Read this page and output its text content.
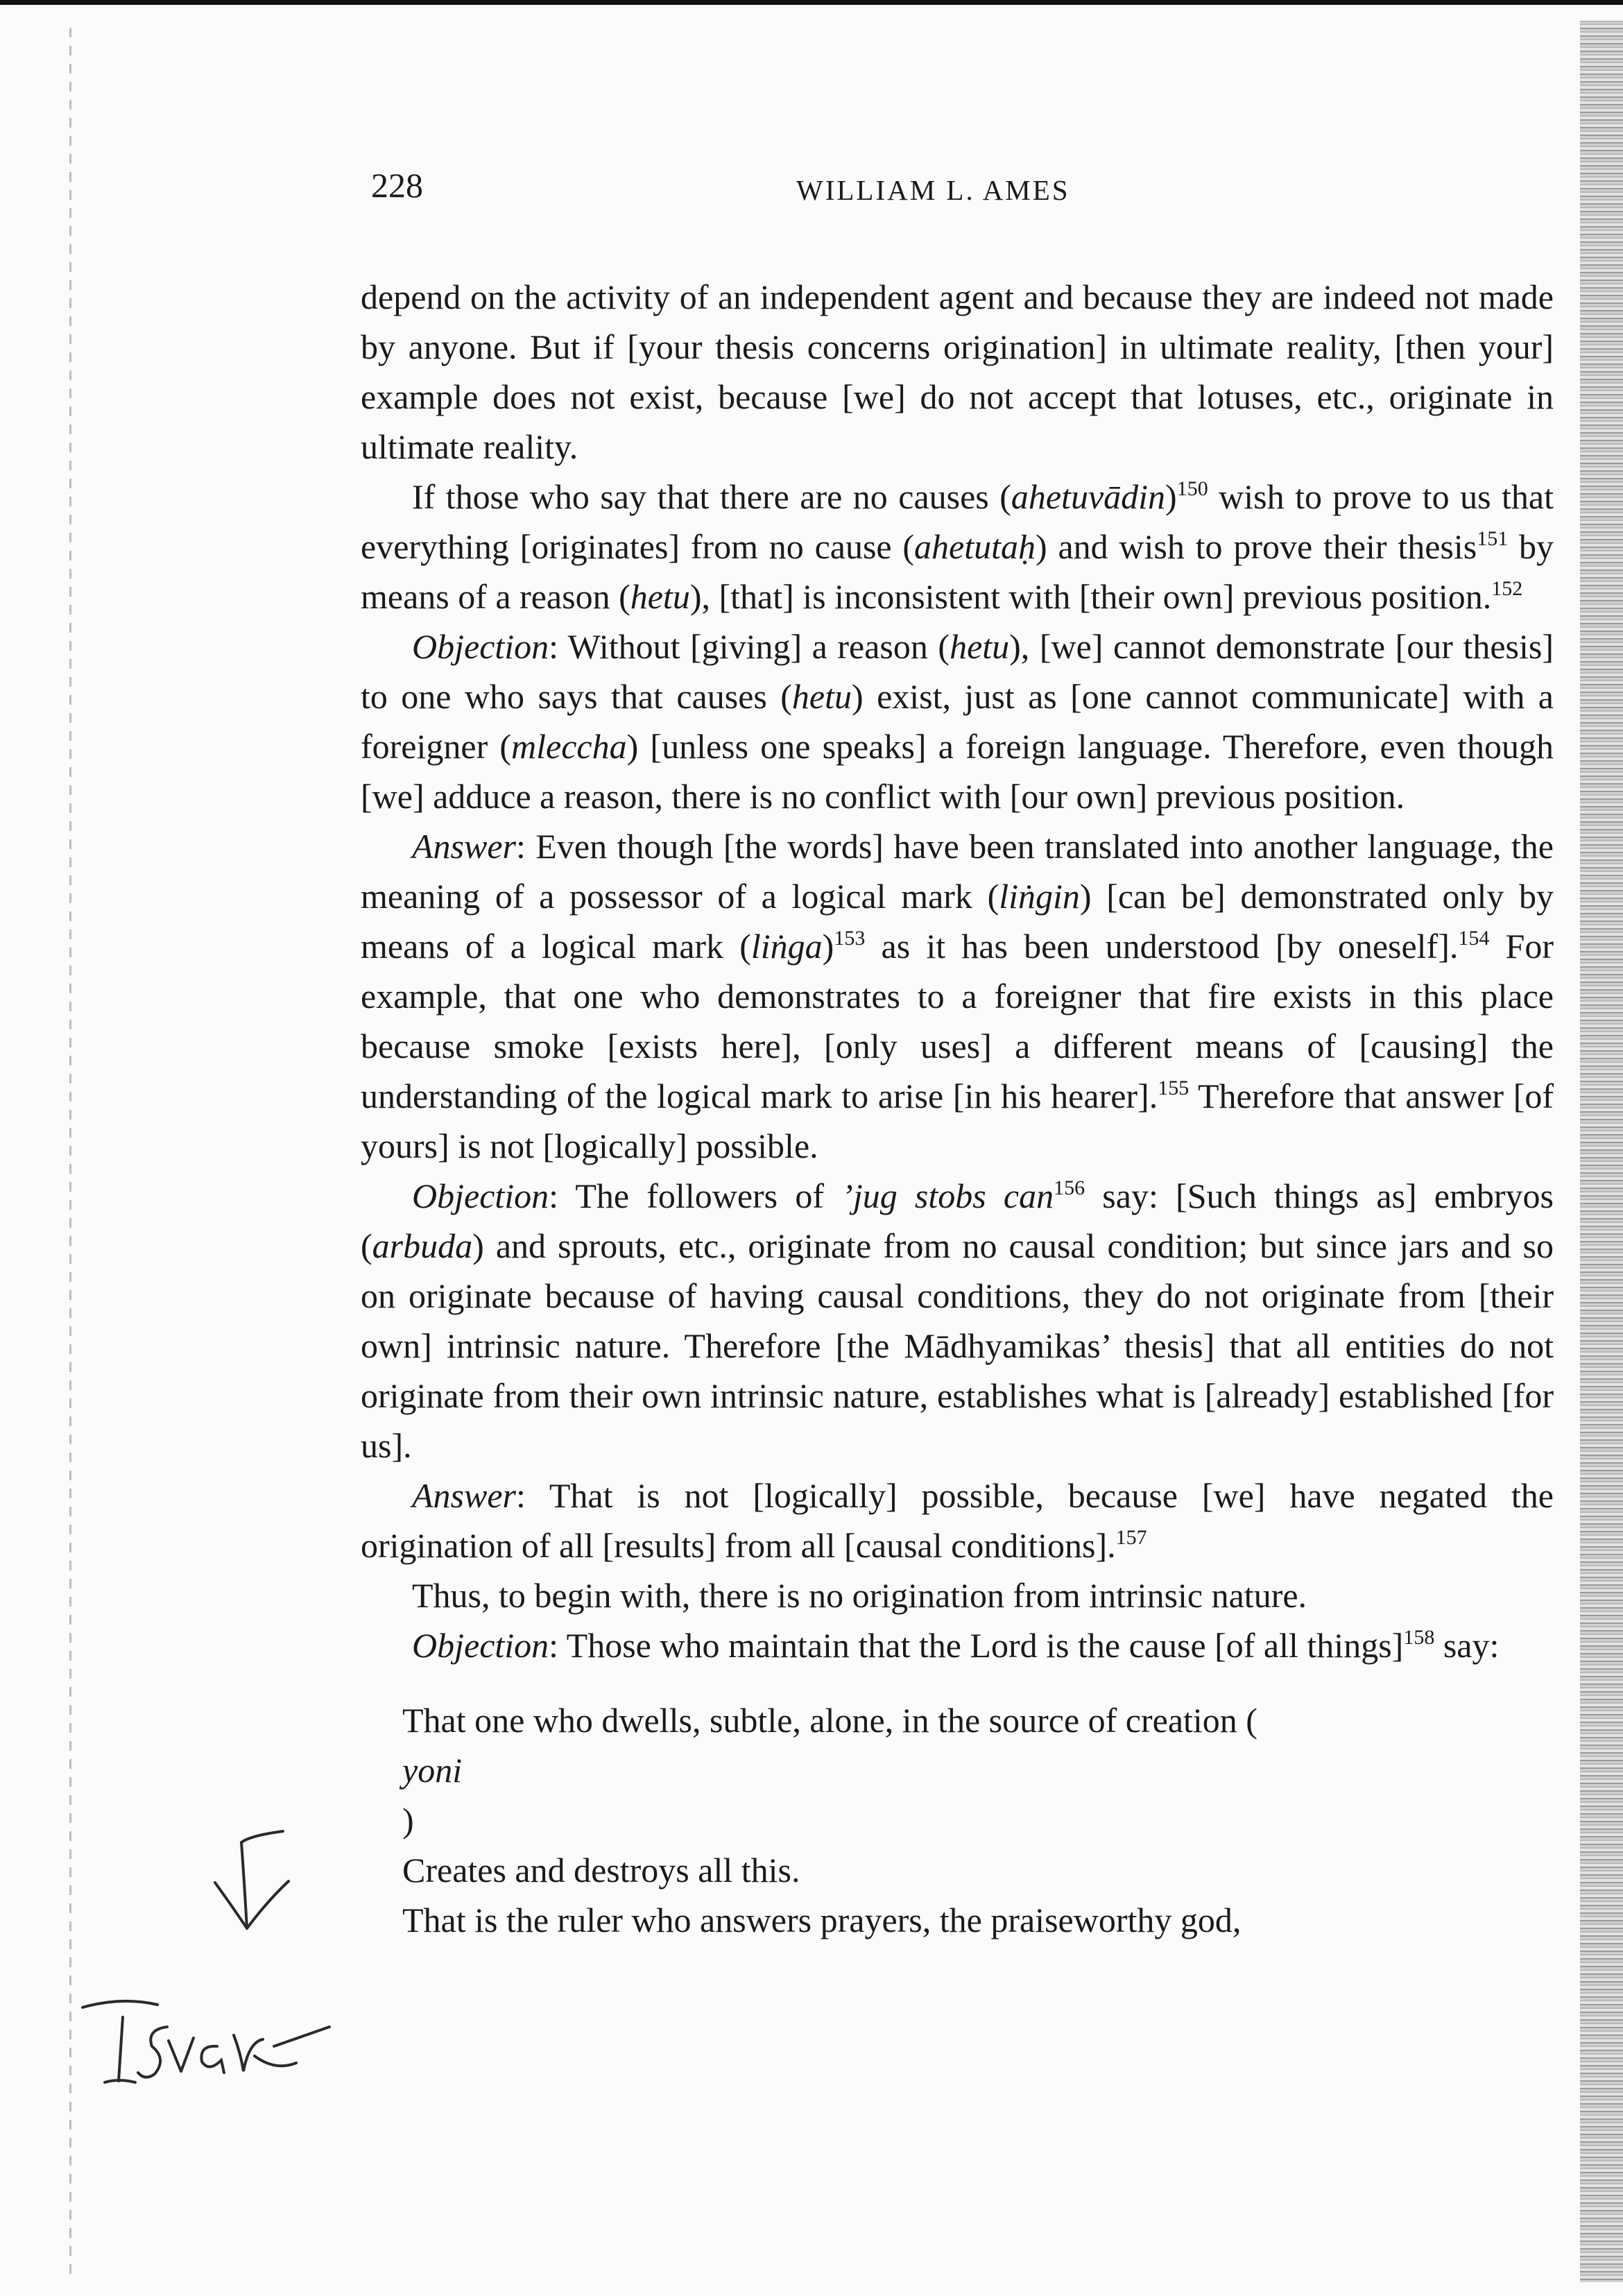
228	WILLIAM L. AMES

depend on the activity of an independent agent and because they are indeed not made by anyone. But if [your thesis concerns origination] in ultimate reality, [then your] example does not exist, because [we] do not accept that lotuses, etc., originate in ultimate reality.

If those who say that there are no causes (ahetuvādin)$^{150}$ wish to prove to us that everything [originates] from no cause (ahetutaḥ) and wish to prove their thesis$^{151}$ by means of a reason (hetu), [that] is inconsistent with [their own] previous position.$^{152}$

Objection: Without [giving] a reason (hetu), [we] cannot demonstrate [our thesis] to one who says that causes (hetu) exist, just as [one cannot communicate] with a foreigner (mleccha) [unless one speaks] a foreign language. Therefore, even though [we] adduce a reason, there is no conflict with [our own] previous position.

Answer: Even though [the words] have been translated into another language, the meaning of a possessor of a logical mark (liṅgin) [can be] demonstrated only by means of a logical mark (liṅga)$^{153}$ as it has been understood [by oneself].$^{154}$ For example, that one who demonstrates to a foreigner that fire exists in this place because smoke [exists here], [only uses] a different means of [causing] the understanding of the logical mark to arise [in his hearer].$^{155}$ Therefore that answer [of yours] is not [logically] possible.

Objection: The followers of ’jug stobs can$^{156}$ say: [Such things as] embryos (arbuda) and sprouts, etc., originate from no causal condition; but since jars and so on originate because of having causal conditions, they do not originate from [their own] intrinsic nature. Therefore [the Mādhyamikas’ thesis] that all entities do not originate from their own intrinsic nature, establishes what is [already] established [for us].

Answer: That is not [logically] possible, because [we] have negated the origination of all [results] from all [causal conditions].$^{157}$

Thus, to begin with, there is no origination from intrinsic nature.

Objection: Those who maintain that the Lord is the cause [of all things]$^{158}$ say:

That one who dwells, subtle, alone, in the source of creation (
yoni
)
Creates and destroys all this.
That is the ruler who answers prayers, the praiseworthy god,
